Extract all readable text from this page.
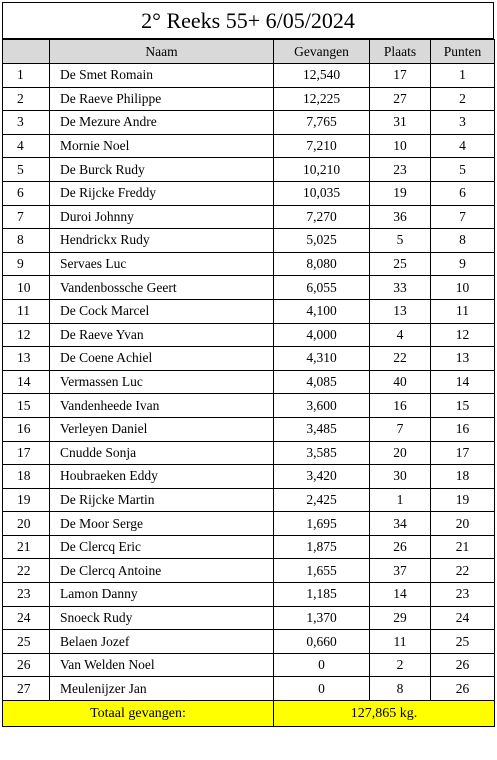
2° Reeks 55+ 6/05/2024
	Naam	Gevangen	Plaats	Punten
1	De Smet Romain	12,540	17	1
2	De Raeve Philippe	12,225	27	2
3	De Mezure Andre	7,765	31	3
4	Mornie Noel	7,210	10	4
5	De Burck Rudy	10,210	23	5
6	De Rijcke Freddy	10,035	19	6
7	Duroi Johnny	7,270	36	7
8	Hendrickx Rudy	5,025	5	8
9	Servaes Luc	8,080	25	9
10	Vandenbossche Geert	6,055	33	10
11	De Cock Marcel	4,100	13	11
12	De Raeve Yvan	4,000	4	12
13	De Coene Achiel	4,310	22	13
14	Vermassen Luc	4,085	40	14
15	Vandenheede Ivan	3,600	16	15
16	Verleyen Daniel	3,485	7	16
17	Cnudde Sonja	3,585	20	17
18	Houbraeken Eddy	3,420	30	18
19	De Rijcke Martin	2,425	1	19
20	De Moor Serge	1,695	34	20
21	De Clercq Eric	1,875	26	21
22	De Clercq Antoine	1,655	37	22
23	Lamon Danny	1,185	14	23
24	Snoeck Rudy	1,370	29	24
25	Belaen Jozef	0,660	11	25
26	Van Welden Noel	0	2	26
27	Meulenijzer Jan	0	8	26
Totaal gevangen:		127,865 kg.		
